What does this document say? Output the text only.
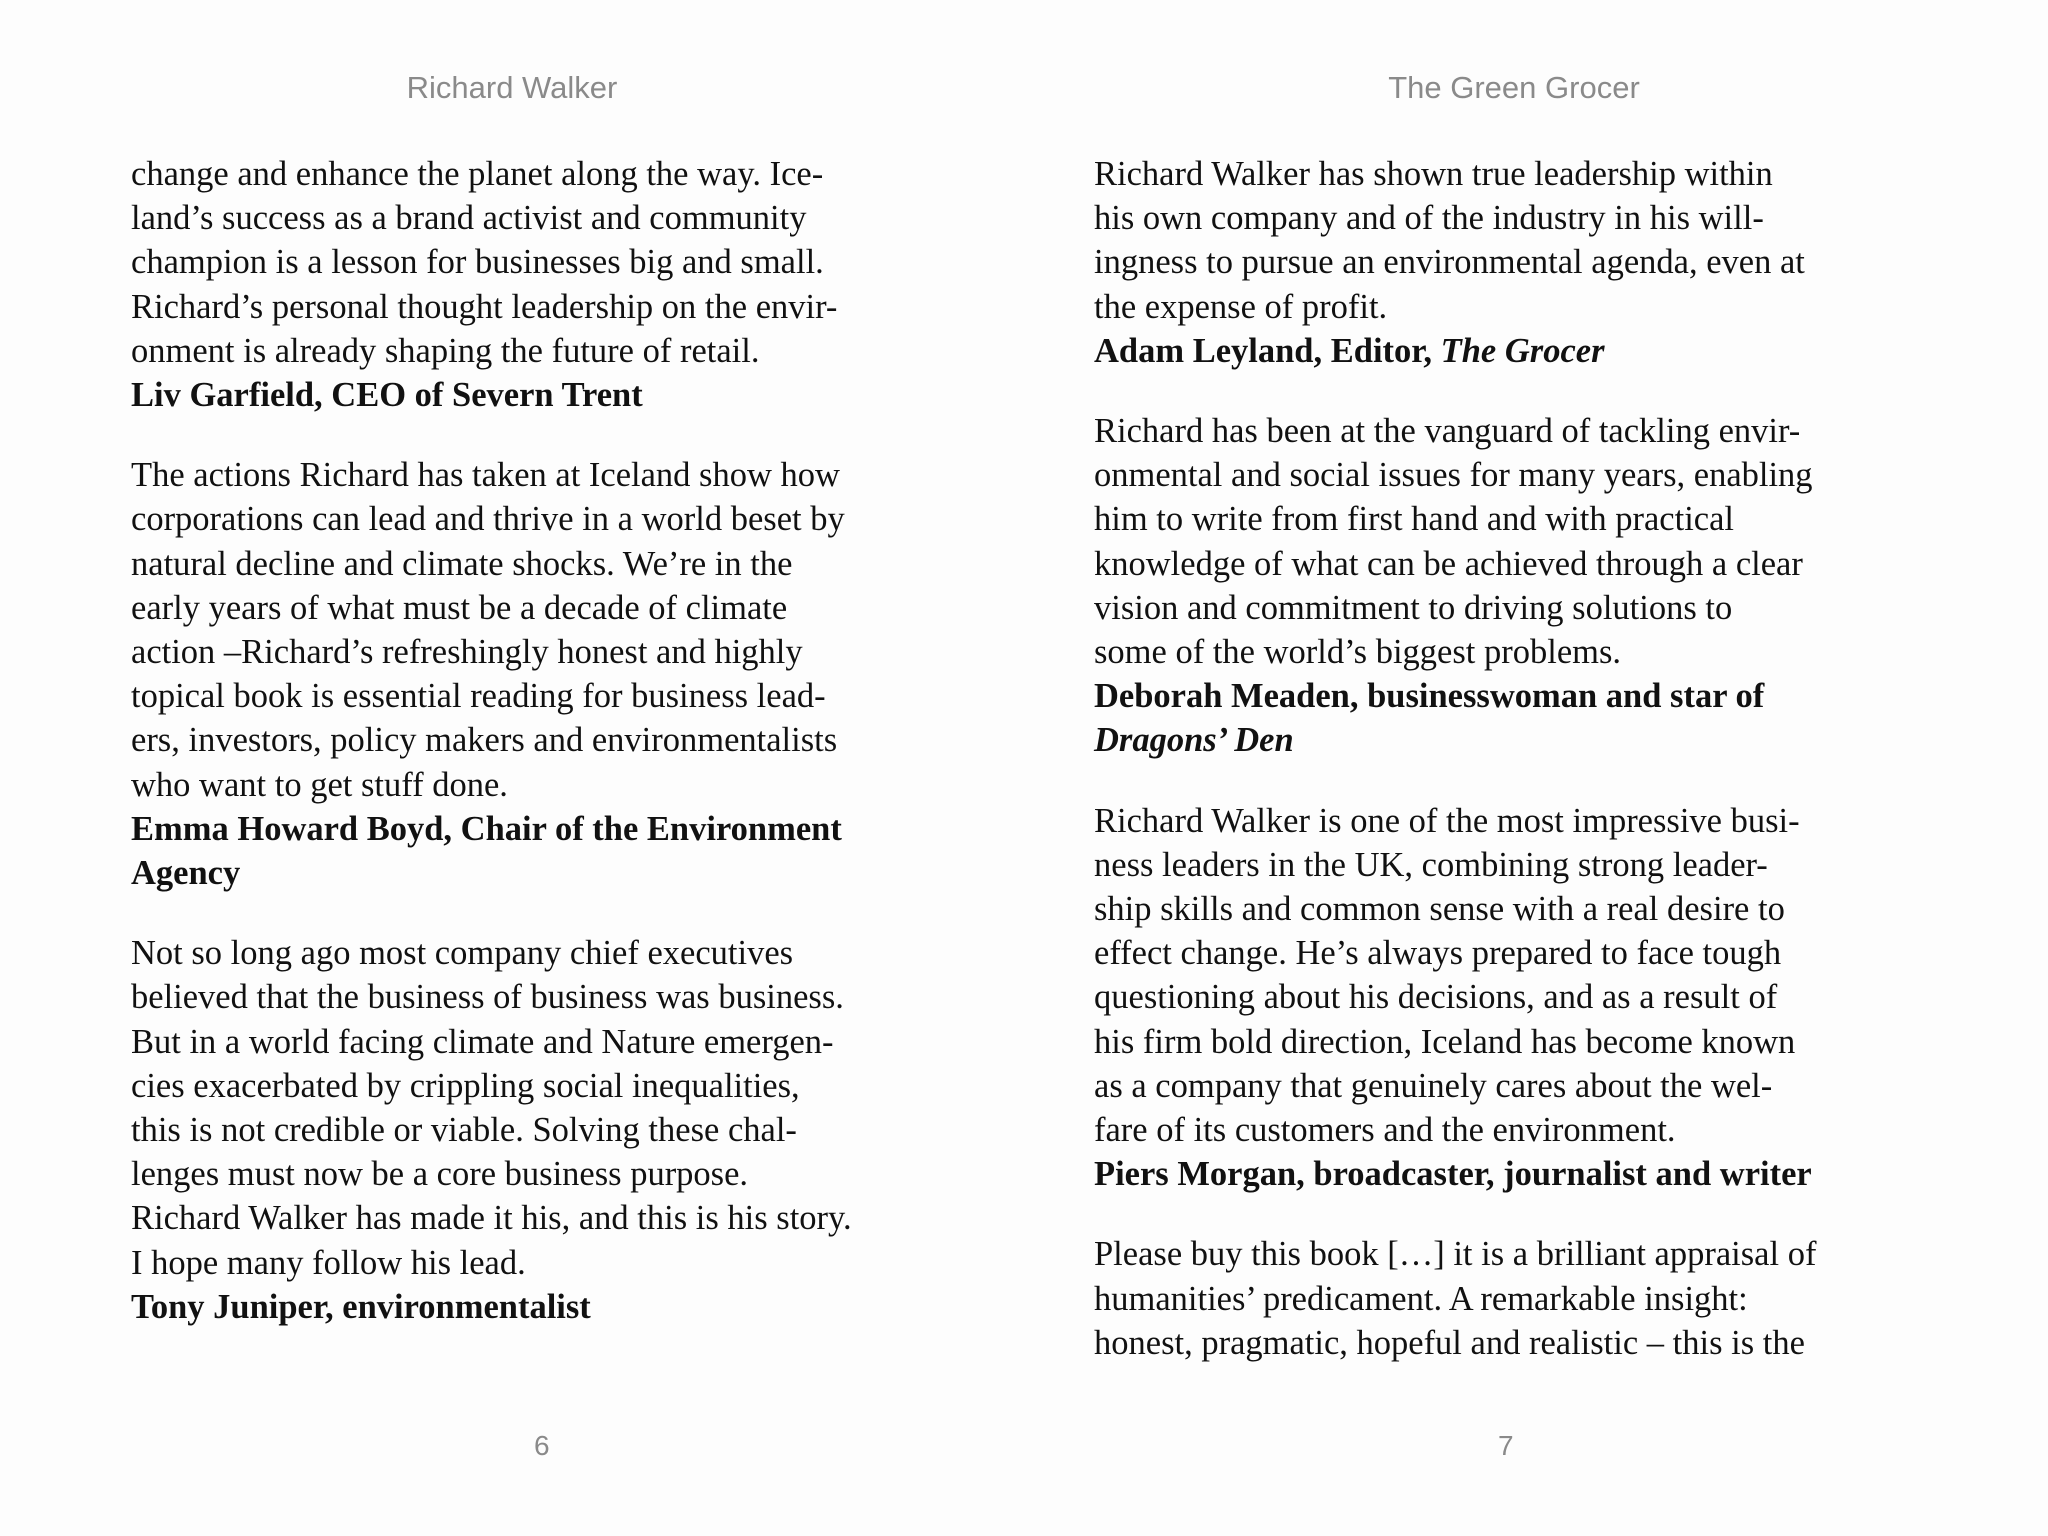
Richard Walker
change and enhance the planet along the way. Ice-
land’s success as a brand activist and community
champion is a lesson for businesses big and small.
Richard’s personal thought leadership on the envir-
onment is already shaping the future of retail.
Liv Garfield, CEO of Severn Trent
The actions Richard has taken at Iceland show how
corporations can lead and thrive in a world beset by
natural decline and climate shocks. We’re in the
early years of what must be a decade of climate
action –Richard’s refreshingly honest and highly
topical book is essential reading for business lead-
ers, investors, policy makers and environmentalists
who want to get stuff done.
Emma Howard Boyd, Chair of the Environment
Agency
Not so long ago most company chief executives
believed that the business of business was business.
But in a world facing climate and Nature emergen-
cies exacerbated by crippling social inequalities,
this is not credible or viable. Solving these chal-
lenges must now be a core business purpose.
Richard Walker has made it his, and this is his story.
I hope many follow his lead.
Tony Juniper, environmentalist
6
The Green Grocer
Richard Walker has shown true leadership within
his own company and of the industry in his will-
ingness to pursue an environmental agenda, even at
the expense of profit.
Adam Leyland, Editor, The Grocer
Richard has been at the vanguard of tackling envir-
onmental and social issues for many years, enabling
him to write from first hand and with practical
knowledge of what can be achieved through a clear
vision and commitment to driving solutions to
some of the world’s biggest problems.
Deborah Meaden, businesswoman and star of
Dragons’ Den
Richard Walker is one of the most impressive busi-
ness leaders in the UK, combining strong leader-
ship skills and common sense with a real desire to
effect change. He’s always prepared to face tough
questioning about his decisions, and as a result of
his firm bold direction, Iceland has become known
as a company that genuinely cares about the wel-
fare of its customers and the environment.
Piers Morgan, broadcaster, journalist and writer
Please buy this book […] it is a brilliant appraisal of
humanities’ predicament. A remarkable insight:
honest, pragmatic, hopeful and realistic – this is the
7
